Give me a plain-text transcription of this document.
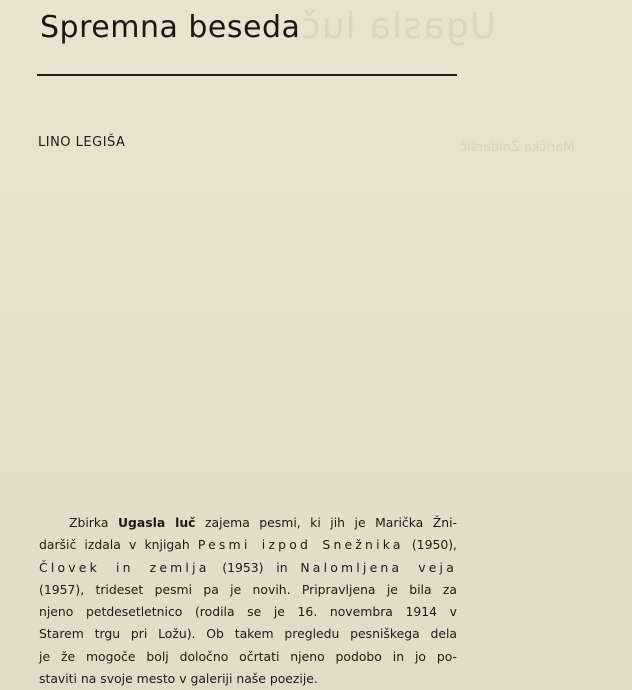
Ugasla luč
Marička Žnidaršič
Spremna beseda
LINO LEGIŠA
Zbirka Ugasla luč zajema pesmi, ki jih je Marička Žni-
daršič izdala v knjigah Pesmi izpod Snežnika (1950),
Človek in zemlja (1953) in Nalomljena veja
(1957), trideset pesmi pa je novih. Pripravljena je bila za
njeno petdesetletnico (rodila se je 16. novembra 1914 v
Starem trgu pri Ložu). Ob takem pregledu pesniškega dela
je že mogoče bolj določno očrtati njeno podobo in jo po-
staviti na svoje mesto v galeriji naše poezije.
